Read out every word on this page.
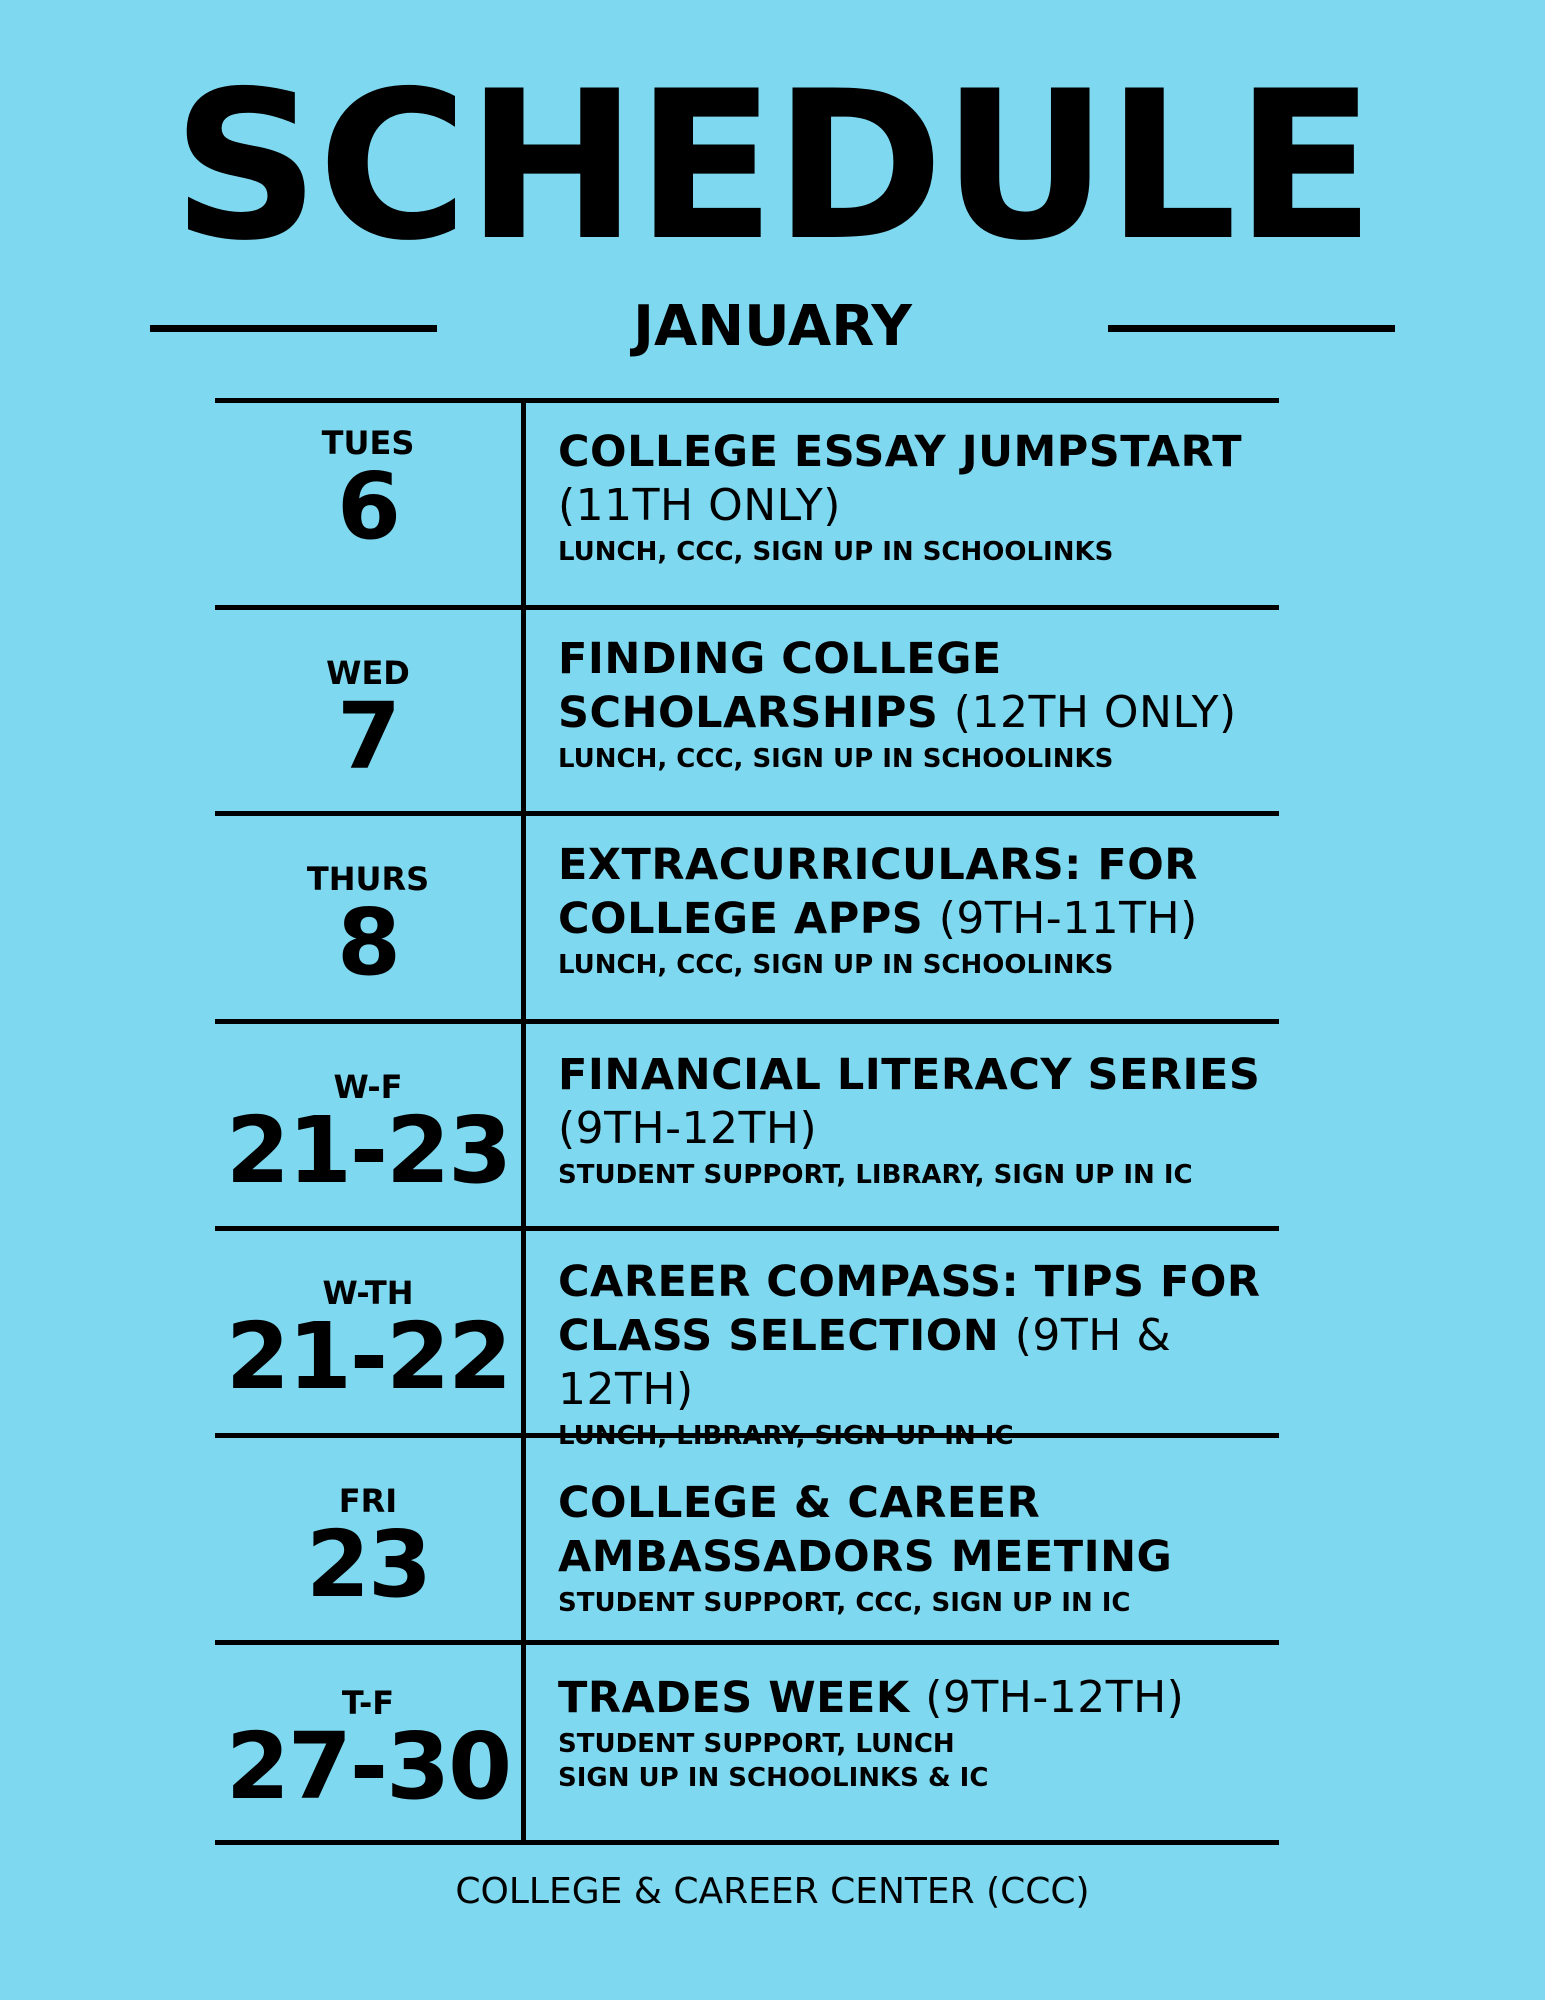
SCHEDULE
JANUARY
TUES
6
COLLEGE ESSAY JUMPSTART (11TH ONLY)
LUNCH, CCC, SIGN UP IN SCHOOLINKS
WED
7
FINDING COLLEGE SCHOLARSHIPS (12TH ONLY)
LUNCH, CCC, SIGN UP IN SCHOOLINKS
THURS
8
EXTRACURRICULARS: FOR COLLEGE APPS (9TH-11TH)
LUNCH, CCC, SIGN UP IN SCHOOLINKS
W-F
21-23
FINANCIAL LITERACY SERIES (9TH-12TH)
STUDENT SUPPORT, LIBRARY, SIGN UP IN IC
W-TH
21-22
CAREER COMPASS: TIPS FOR CLASS SELECTION (9TH & 12TH)
FRI
23
COLLEGE & CAREER AMBASSADORS MEETING
STUDENT SUPPORT, CCC, SIGN UP IN IC
T-F
27-30
TRADES WEEK (9TH-12TH)
STUDENT SUPPORT, LUNCH
SIGN UP IN SCHOOLINKS & IC
COLLEGE & CAREER CENTER (CCC)
